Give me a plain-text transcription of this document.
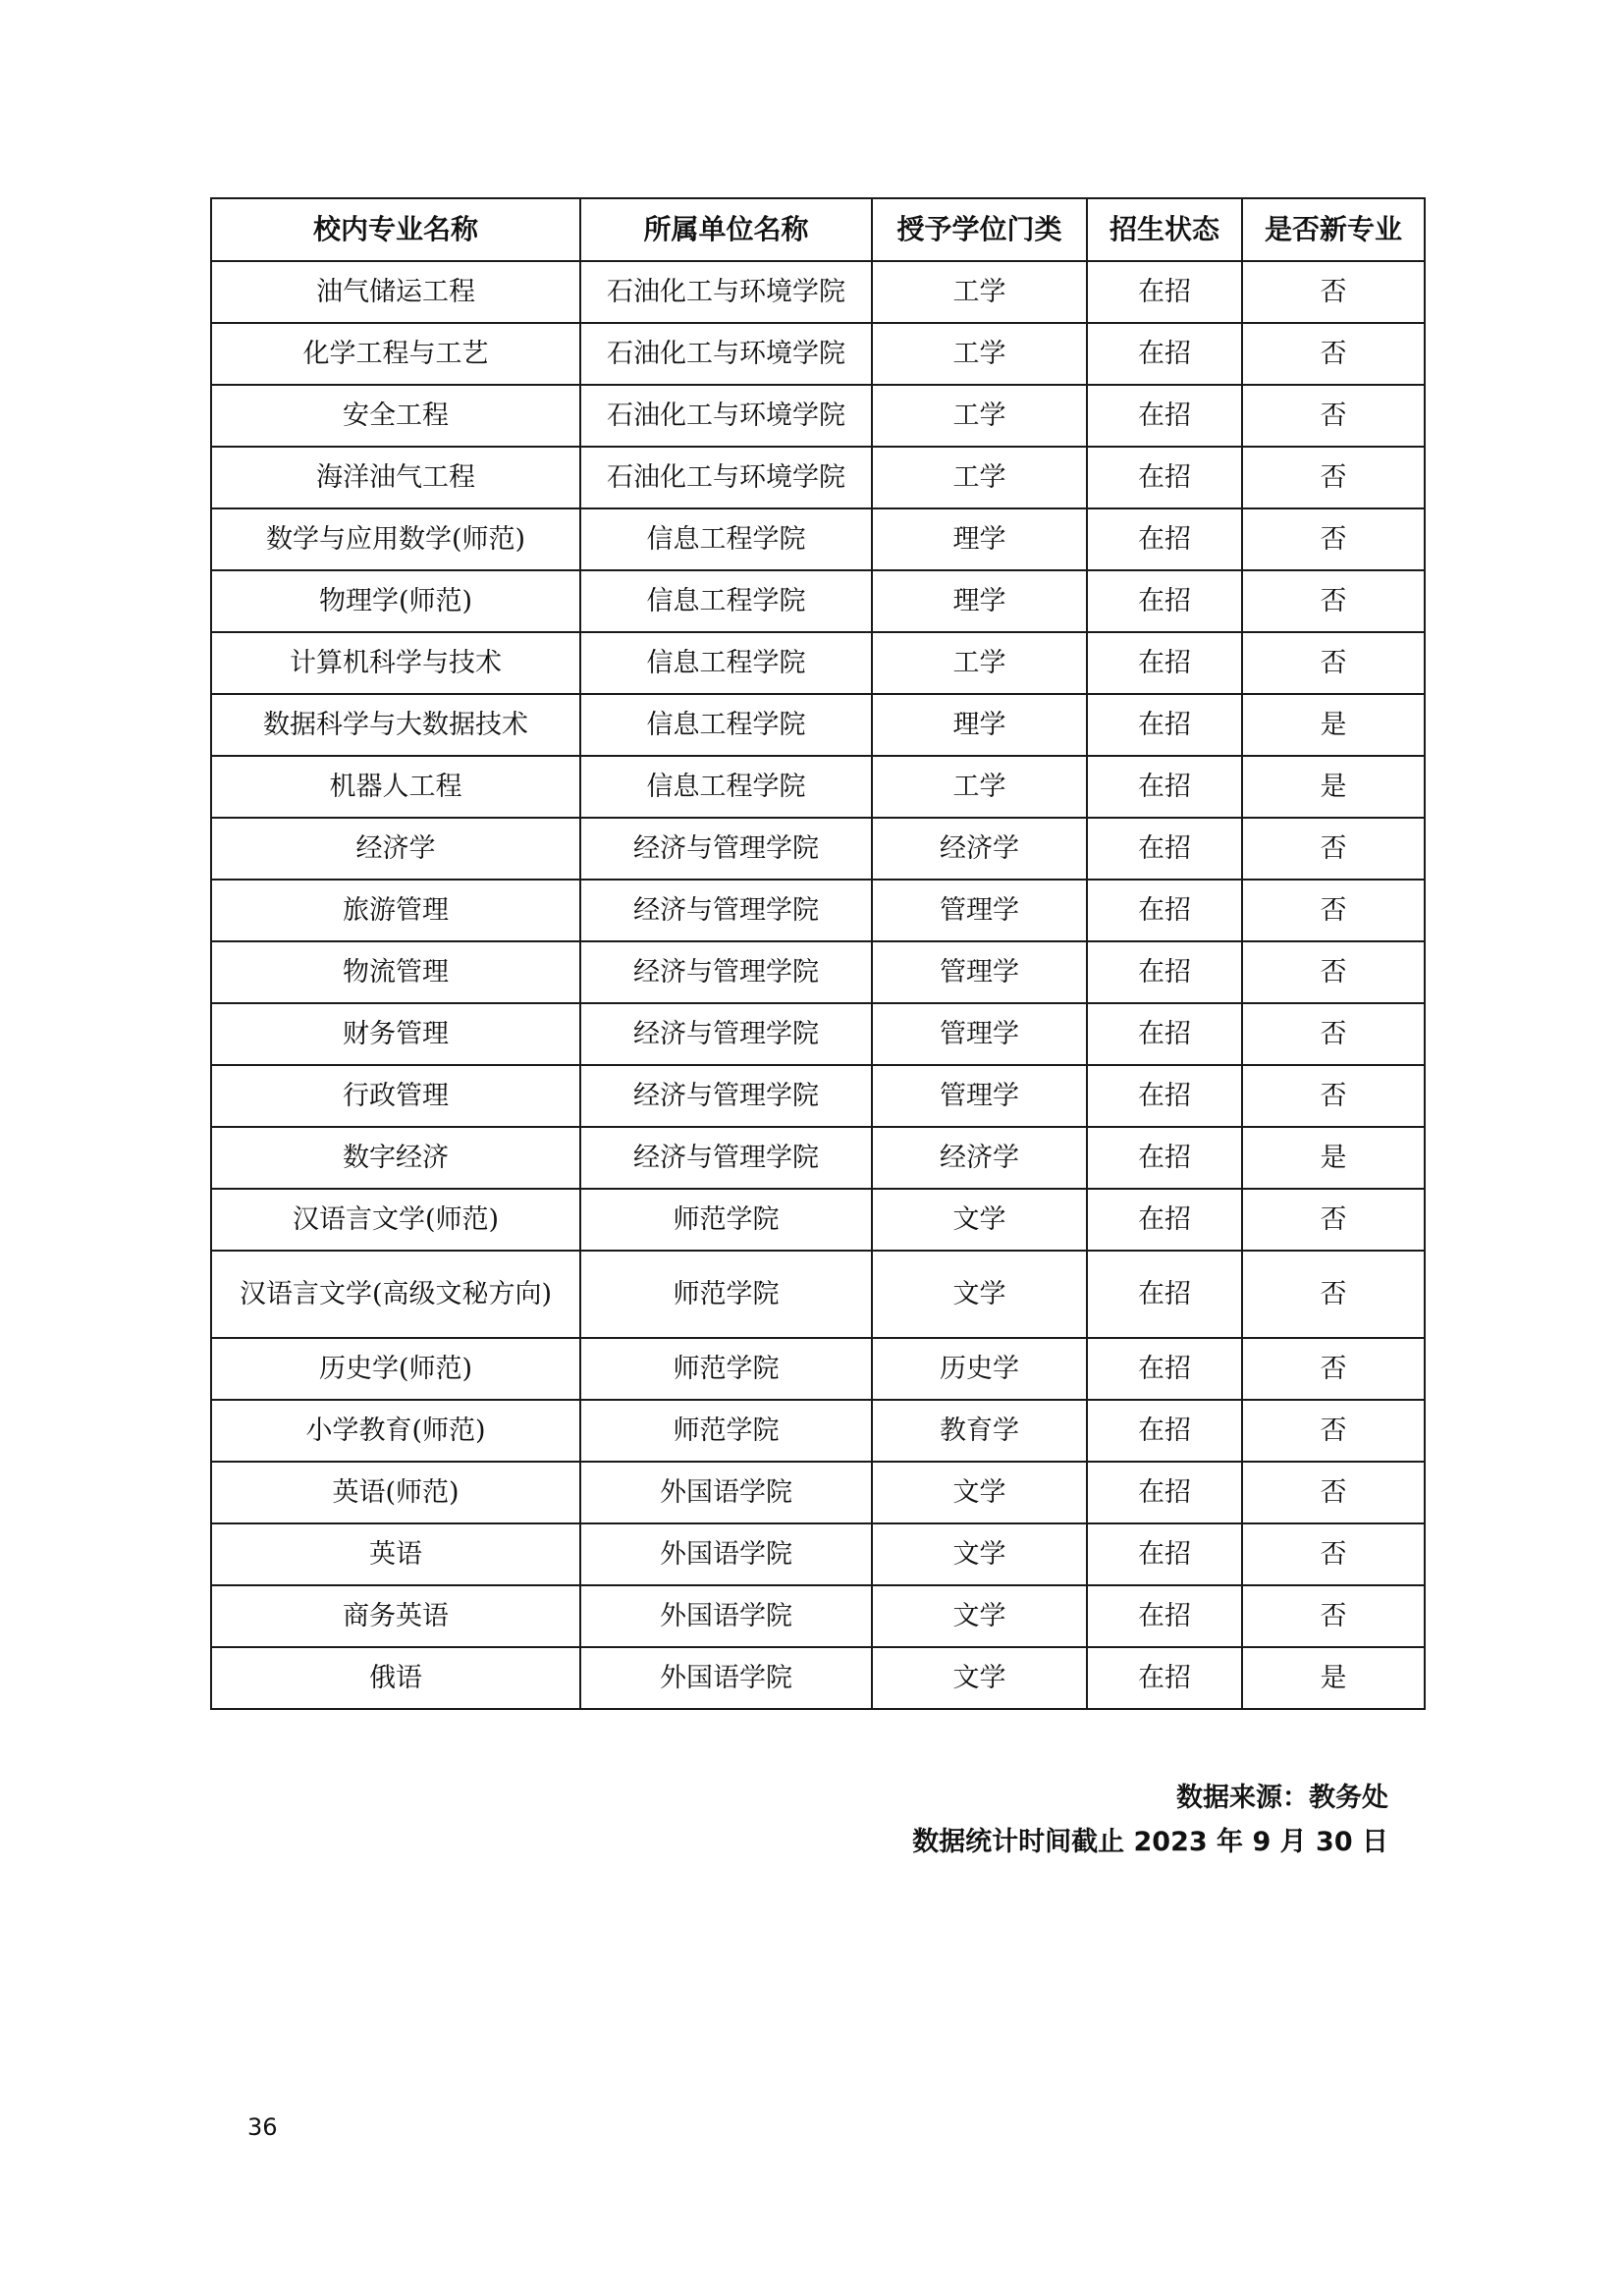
校内专业名称	所属单位名称	授予学位门类	招生状态	是否新专业
油气储运工程	石油化工与环境学院	工学	在招	否
化学工程与工艺	石油化工与环境学院	工学	在招	否
安全工程	石油化工与环境学院	工学	在招	否
海洋油气工程	石油化工与环境学院	工学	在招	否
数学与应用数学(师范)	信息工程学院	理学	在招	否
物理学(师范)	信息工程学院	理学	在招	否
计算机科学与技术	信息工程学院	工学	在招	否
数据科学与大数据技术	信息工程学院	理学	在招	是
机器人工程	信息工程学院	工学	在招	是
经济学	经济与管理学院	经济学	在招	否
旅游管理	经济与管理学院	管理学	在招	否
物流管理	经济与管理学院	管理学	在招	否
财务管理	经济与管理学院	管理学	在招	否
行政管理	经济与管理学院	管理学	在招	否
数字经济	经济与管理学院	经济学	在招	是
汉语言文学(师范)	师范学院	文学	在招	否
汉语言文学(高级文秘方向)	师范学院	文学	在招	否
历史学(师范)	师范学院	历史学	在招	否
小学教育(师范)	师范学院	教育学	在招	否
英语(师范)	外国语学院	文学	在招	否
英语	外国语学院	文学	在招	否
商务英语	外国语学院	文学	在招	否
俄语	外国语学院	文学	在招	是
数据来源：教务处
数据统计时间截止 2023 年 9 月 30 日
36
